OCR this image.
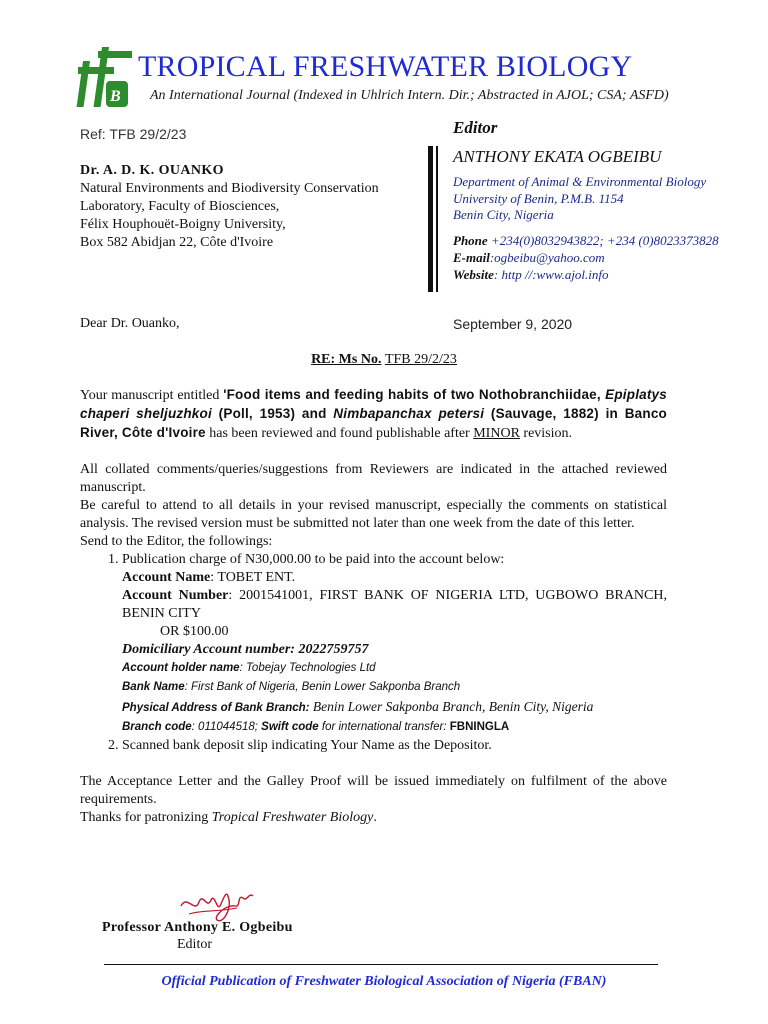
B
TROPICAL FRESHWATER BIOLOGY
An International Journal (Indexed in Uhlrich Intern. Dir.; Abstracted in AJOL; CSA; ASFD)
Ref: TFB 29/2/23	Editor
ANTHONY EKATA OGBEIBU
Department of Animal & Environmental Biology
University of Benin, P.M.B. 1154
Benin City, Nigeria
Phone +234(0)8032943822; +234 (0)8023373828
E-mail:ogbeibu@yahoo.com
Website: http //:www.ajol.info
Dr. A. D. K. OUANKO
Natural Environments and Biodiversity Conservation
Laboratory, Faculty of Biosciences,
Félix Houphouët-Boigny University,
Box 582 Abidjan 22, Côte d'Ivoire
Dear Dr. Ouanko,	September 9, 2020
RE: Ms No. TFB 29/2/23

Your manuscript entitled 'Food items and feeding habits of two Nothobranchiidae, Epiplatys chaperi sheljuzhkoi (Poll, 1953) and Nimbapanchax petersi (Sauvage, 1882) in Banco River, Côte d'Ivoire has been reviewed and found publishable after MINOR revision.

All collated comments/queries/suggestions from Reviewers are indicated in the attached reviewed manuscript.

Be careful to attend to all details in your revised manuscript, especially the comments on statistical analysis. The revised version must be submitted not later than one week from the date of this letter.

Send to the Editor, the followings:

1. Publication charge of N30,000.00 to be paid into the account below:
Account Name: TOBET ENT.
Account Number: 2001541001, FIRST BANK OF NIGERIA LTD, UGBOWO BRANCH, BENIN CITY
OR $100.00
Domiciliary Account number: 2022759757
Account holder name: Tobejay Technologies Ltd
Bank Name: First Bank of Nigeria, Benin Lower Sakponba Branch
Physical Address of Bank Branch: Benin Lower Sakponba Branch, Benin City, Nigeria
Branch code: 011044518; Swift code for international transfer: FBNINGLA
2. Scanned bank deposit slip indicating Your Name as the Depositor.

The Acceptance Letter and the Galley Proof will be issued immediately on fulfilment of the above requirements.

Thanks for patronizing Tropical Freshwater Biology.

Professor Anthony E. Ogbeibu
Editor
Official Publication of Freshwater Biological Association of Nigeria (FBAN)
